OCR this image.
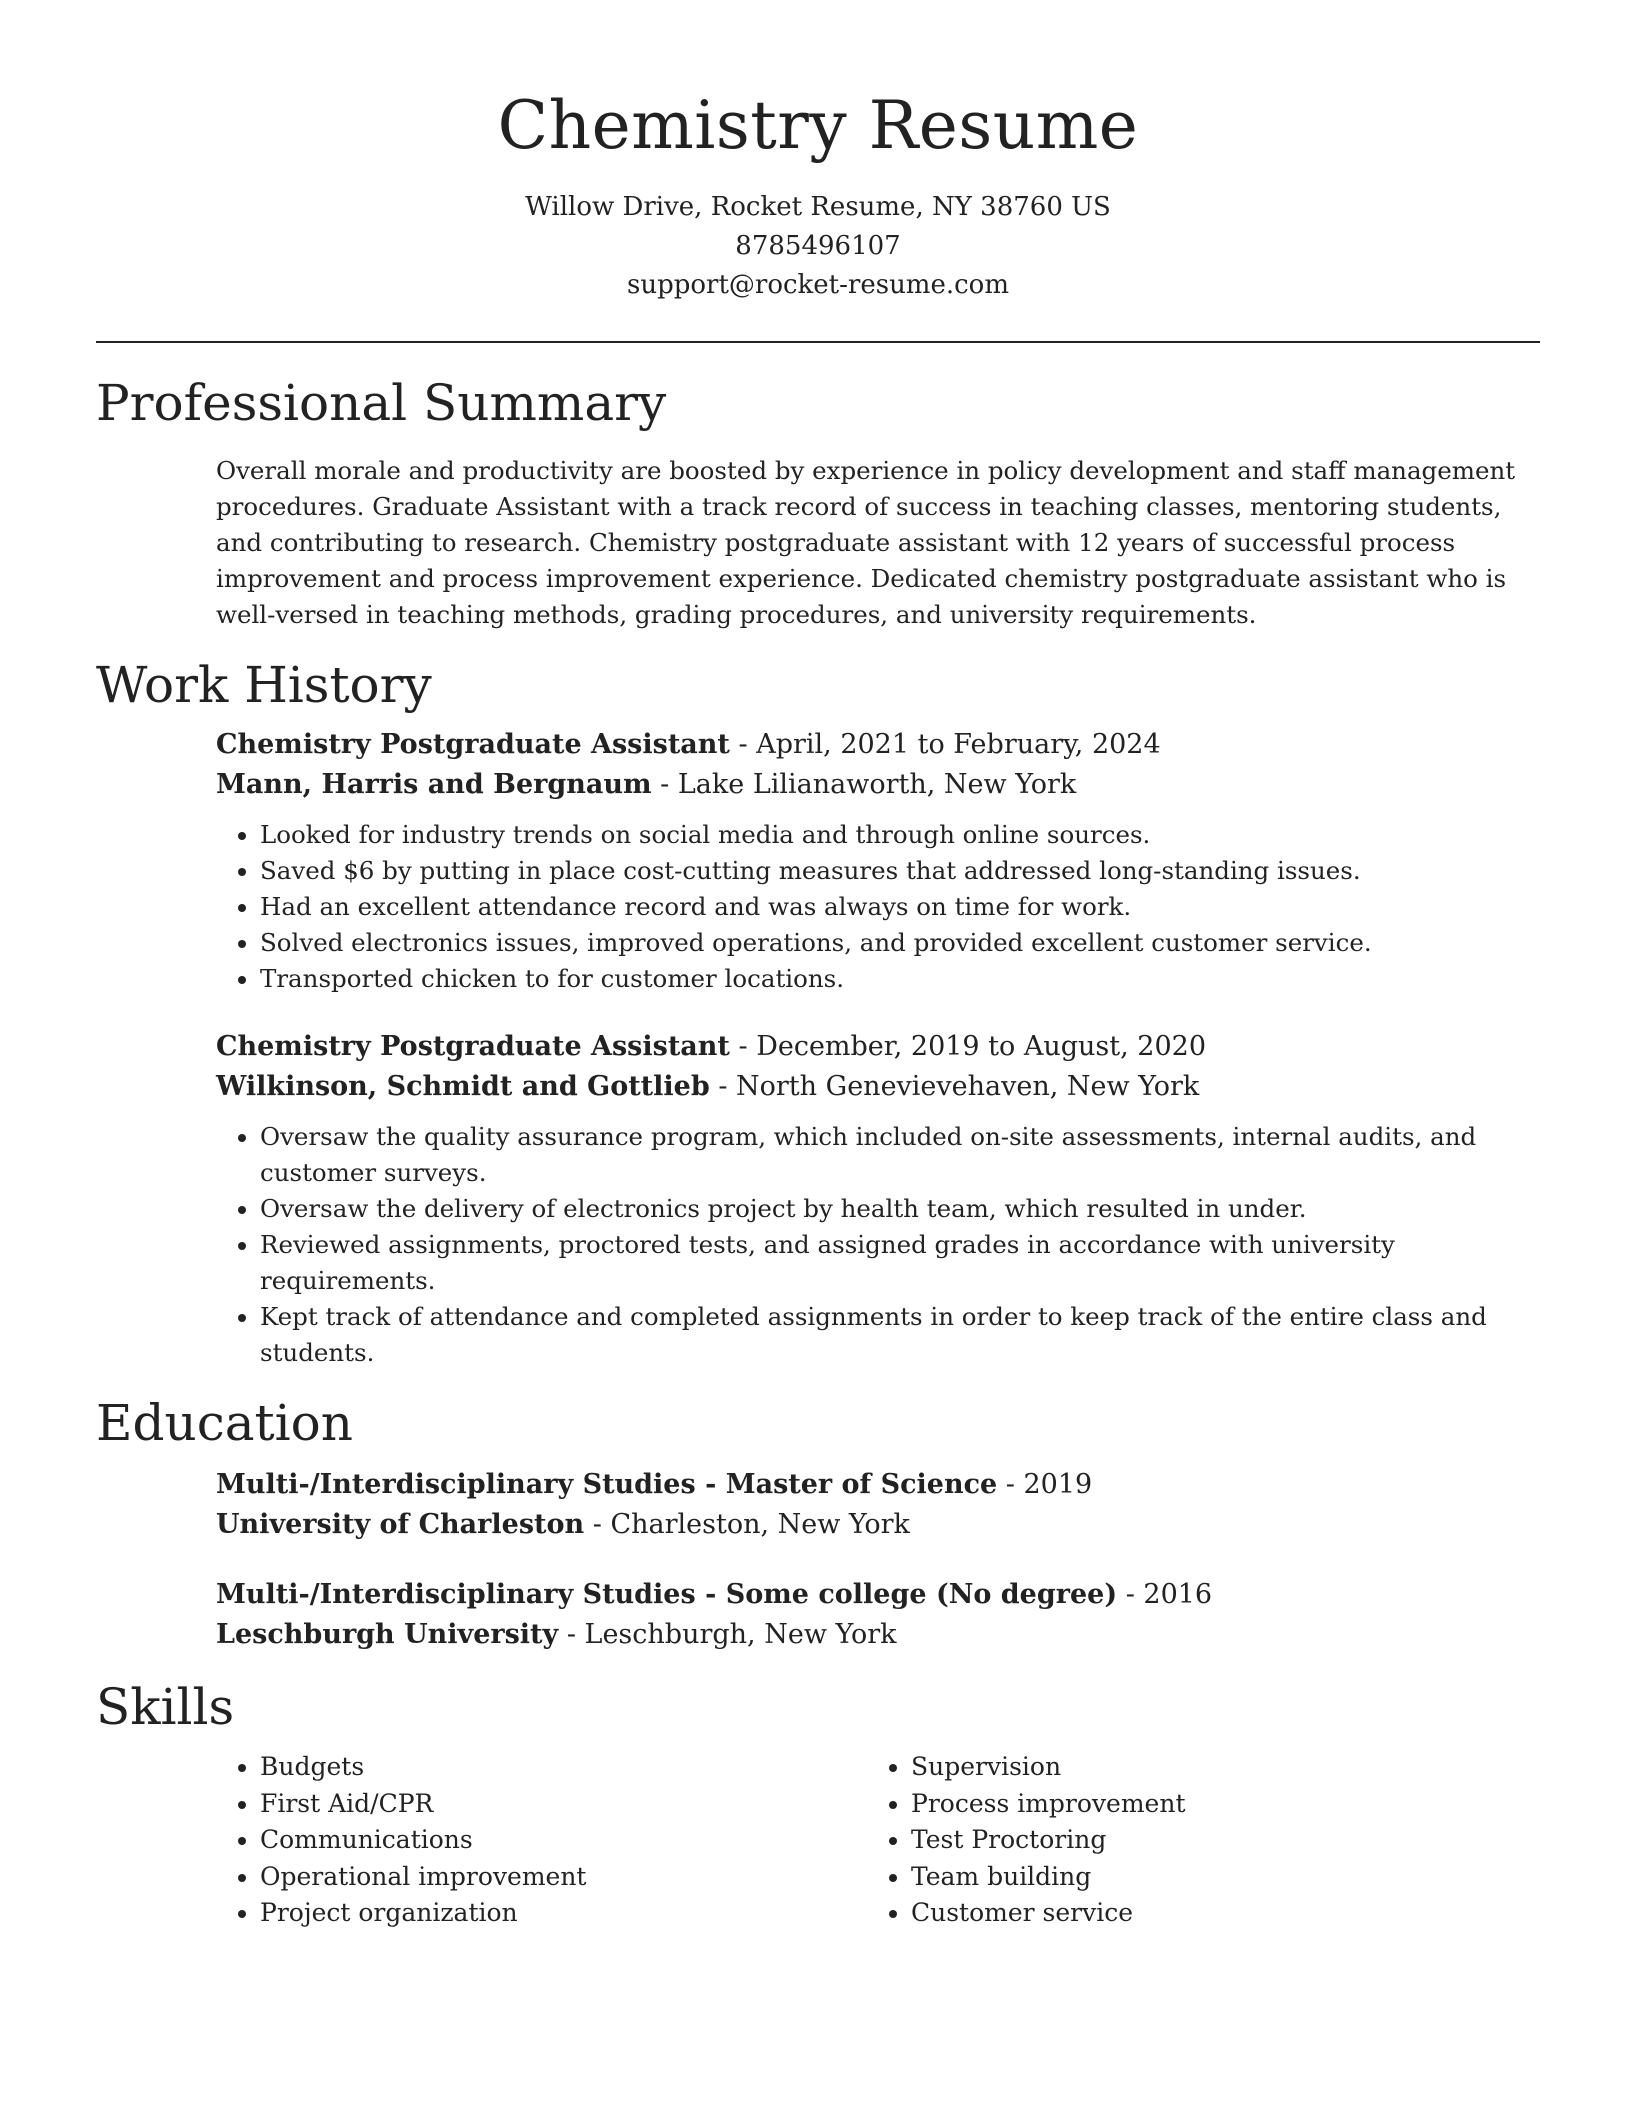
Chemistry Resume
Willow Drive, Rocket Resume, NY 38760 US
8785496107
support@rocket-resume.com
Professional Summary
Overall morale and productivity are boosted by experience in policy development and staff management procedures. Graduate Assistant with a track record of success in teaching classes, mentoring students, and contributing to research. Chemistry postgraduate assistant with 12 years of successful process improvement and process improvement experience. Dedicated chemistry postgraduate assistant who is well-versed in teaching methods, grading procedures, and university requirements.
Work History
Chemistry Postgraduate Assistant - April, 2021 to February, 2024
Mann, Harris and Bergnaum - Lake Lilianaworth, New York
• Looked for industry trends on social media and through online sources.
• Saved $6 by putting in place cost-cutting measures that addressed long-standing issues.
• Had an excellent attendance record and was always on time for work.
• Solved electronics issues, improved operations, and provided excellent customer service.
• Transported chicken to for customer locations.
Chemistry Postgraduate Assistant - December, 2019 to August, 2020
Wilkinson, Schmidt and Gottlieb - North Genevievehaven, New York
• Oversaw the quality assurance program, which included on-site assessments, internal audits, and customer surveys.
• Oversaw the delivery of electronics project by health team, which resulted in under.
• Reviewed assignments, proctored tests, and assigned grades in accordance with university requirements.
• Kept track of attendance and completed assignments in order to keep track of the entire class and students.
Education
Multi-/Interdisciplinary Studies - Master of Science - 2019
University of Charleston - Charleston, New York
Multi-/Interdisciplinary Studies - Some college (No degree) - 2016
Leschburgh University - Leschburgh, New York
Skills
• Budgets
• First Aid/CPR
• Communications
• Operational improvement
• Project organization
• Supervision
• Process improvement
• Test Proctoring
• Team building
• Customer service
